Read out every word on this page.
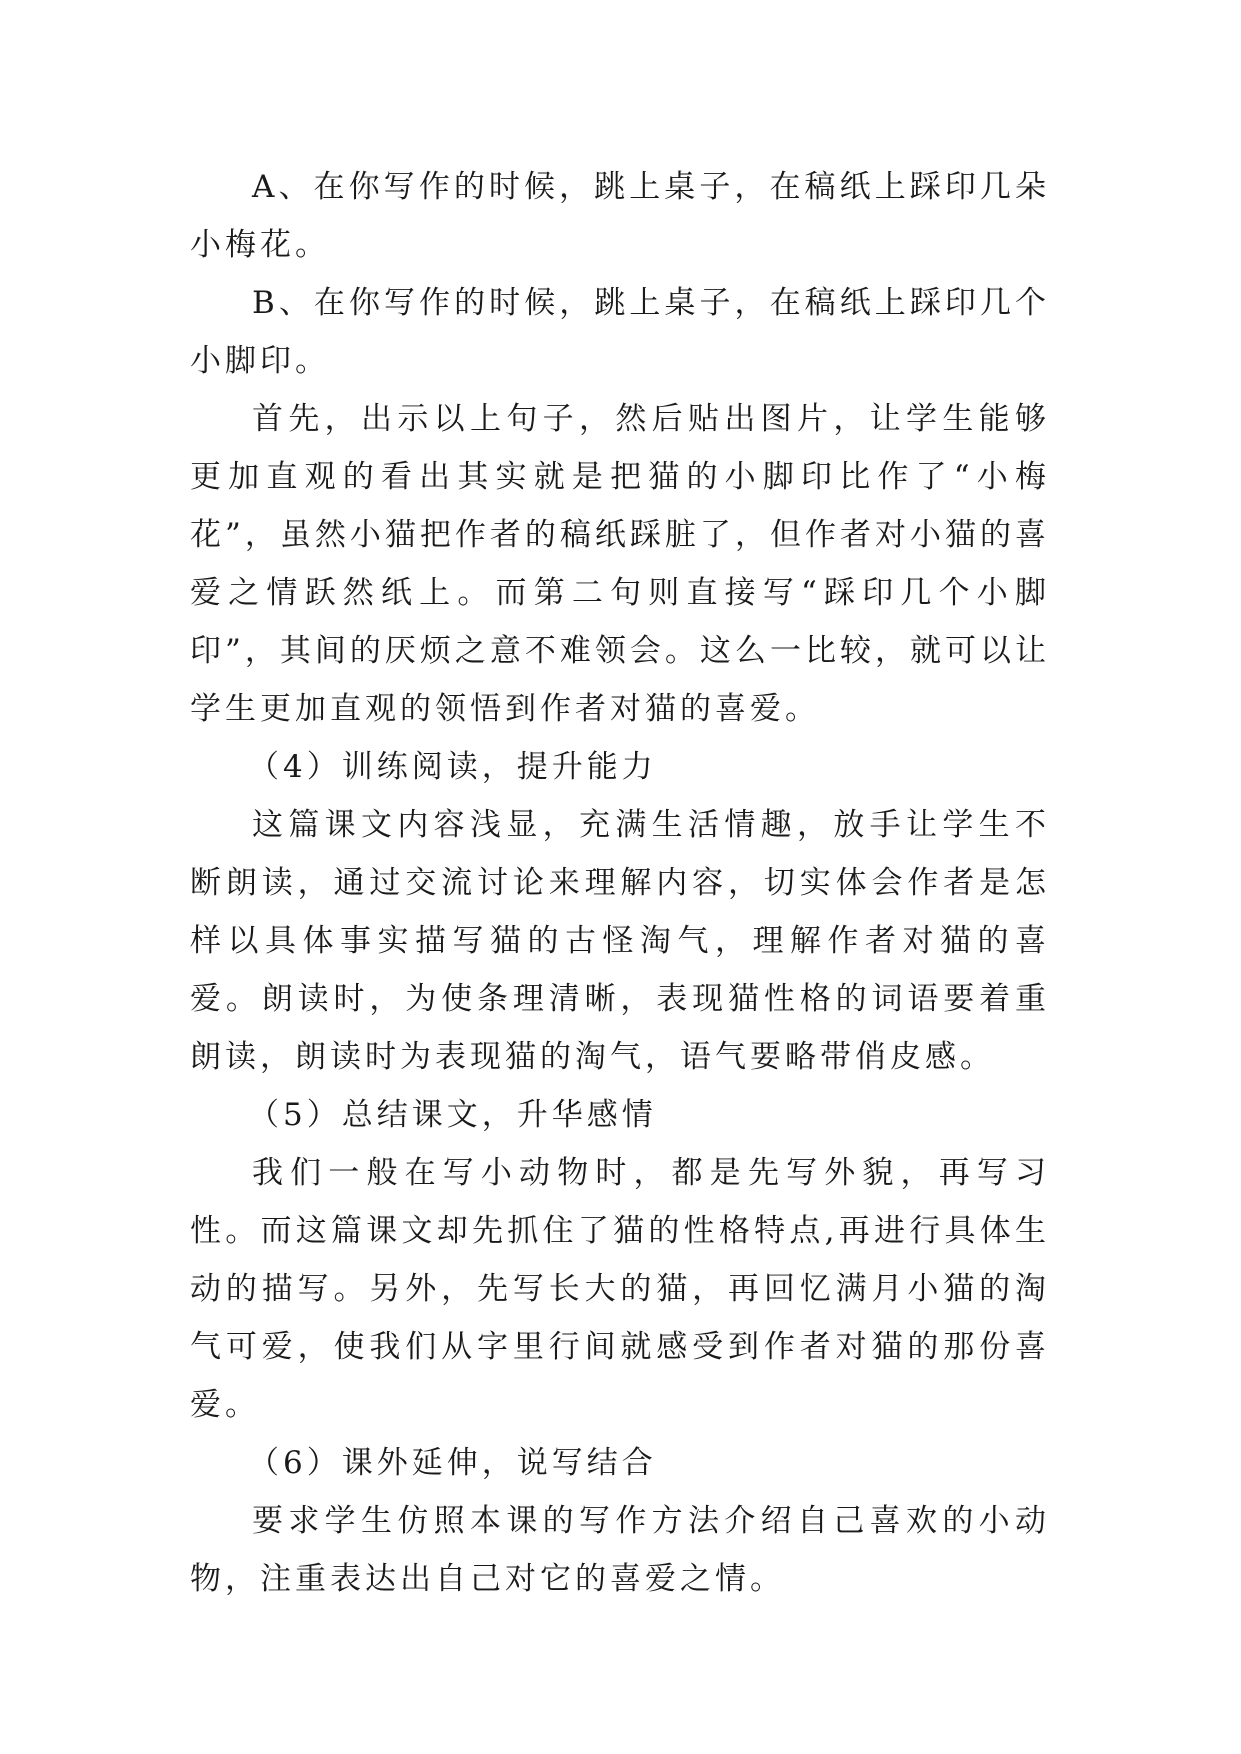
A、在你写作的时候，跳上桌子，在稿纸上踩印几朵小梅花。

B、在你写作的时候，跳上桌子，在稿纸上踩印几个小脚印。

首先，出示以上句子，然后贴出图片，让学生能够更加直观的看出其实就是把猫的小脚印比作了“小梅花”，虽然小猫把作者的稿纸踩脏了，但作者对小猫的喜爱之情跃然纸上。而第二句则直接写“踩印几个小脚印”，其间的厌烦之意不难领会。这么一比较，就可以让学生更加直观的领悟到作者对猫的喜爱。

（4）训练阅读，提升能力

这篇课文内容浅显，充满生活情趣，放手让学生不断朗读，通过交流讨论来理解内容，切实体会作者是怎样以具体事实描写猫的古怪淘气，理解作者对猫的喜爱。朗读时，为使条理清晰，表现猫性格的词语要着重朗读，朗读时为表现猫的淘气，语气要略带俏皮感。

（5）总结课文，升华感情

我们一般在写小动物时，都是先写外貌，再写习性。而这篇课文却先抓住了猫的性格特点,再进行具体生动的描写。另外，先写长大的猫，再回忆满月小猫的淘气可爱，使我们从字里行间就感受到作者对猫的那份喜爱。

（6）课外延伸，说写结合

要求学生仿照本课的写作方法介绍自己喜欢的小动物，注重表达出自己对它的喜爱之情。
